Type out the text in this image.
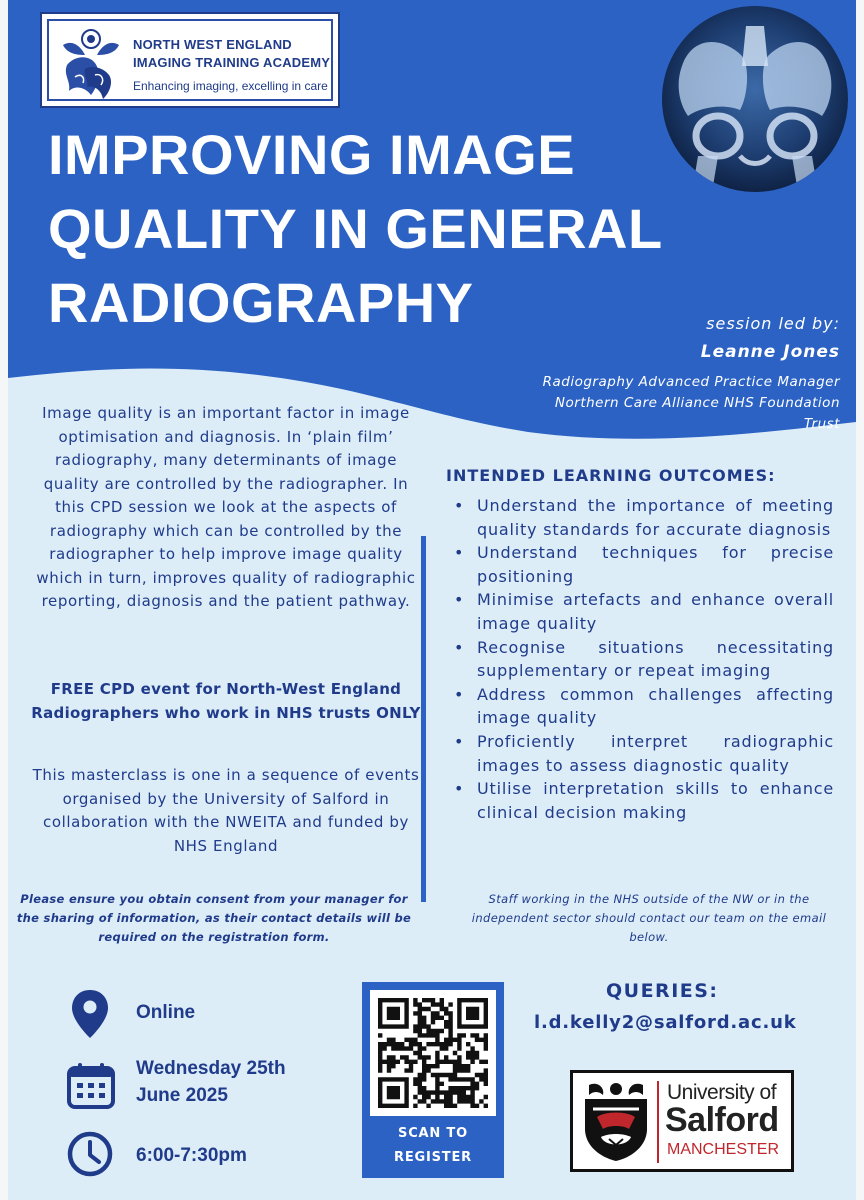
NORTH WEST ENGLAND
IMAGING TRAINING ACADEMY
Enhancing imaging, excelling in care
IMPROVING IMAGE
QUALITY IN GENERAL
RADIOGRAPHY	session led by:
Leanne Jones
Radiography Advanced Practice Manager
Northern Care Alliance NHS Foundation
Trust
Image quality is an important factor in image optimisation and diagnosis. In ‘plain film’ radiography, many determinants of image quality are controlled by the radiographer. In this CPD session we look at the aspects of radiography which can be controlled by the radiographer to help improve image quality which in turn, improves quality of radiographic reporting, diagnosis and the patient pathway.
FREE CPD event for North-West England Radiographers who work in NHS trusts ONLY
This masterclass is one in a sequence of events organised by the University of Salford in collaboration with the NWEITA and funded by NHS England
Please ensure you obtain consent from your manager for the sharing of information, as their contact details will be required on the registration form.
INTENDED LEARNING OUTCOMES:
• Understand the importance of meeting quality standards for accurate diagnosis
• Understand techniques for precise positioning
• Minimise artefacts and enhance overall image quality
• Recognise situations necessitating supplementary or repeat imaging
• Address common challenges affecting image quality
• Proficiently interpret radiographic images to assess diagnostic quality
• Utilise interpretation skills to enhance clinical decision making
Staff working in the NHS outside of the NW or in the independent sector should contact our team on the email below.
Online
Wednesday 25th
June 2025
6:00-7:30pm
SCAN TO
REGISTER
QUERIES:
l.d.kelly2@salford.ac.uk
University of
Salford
MANCHESTER
